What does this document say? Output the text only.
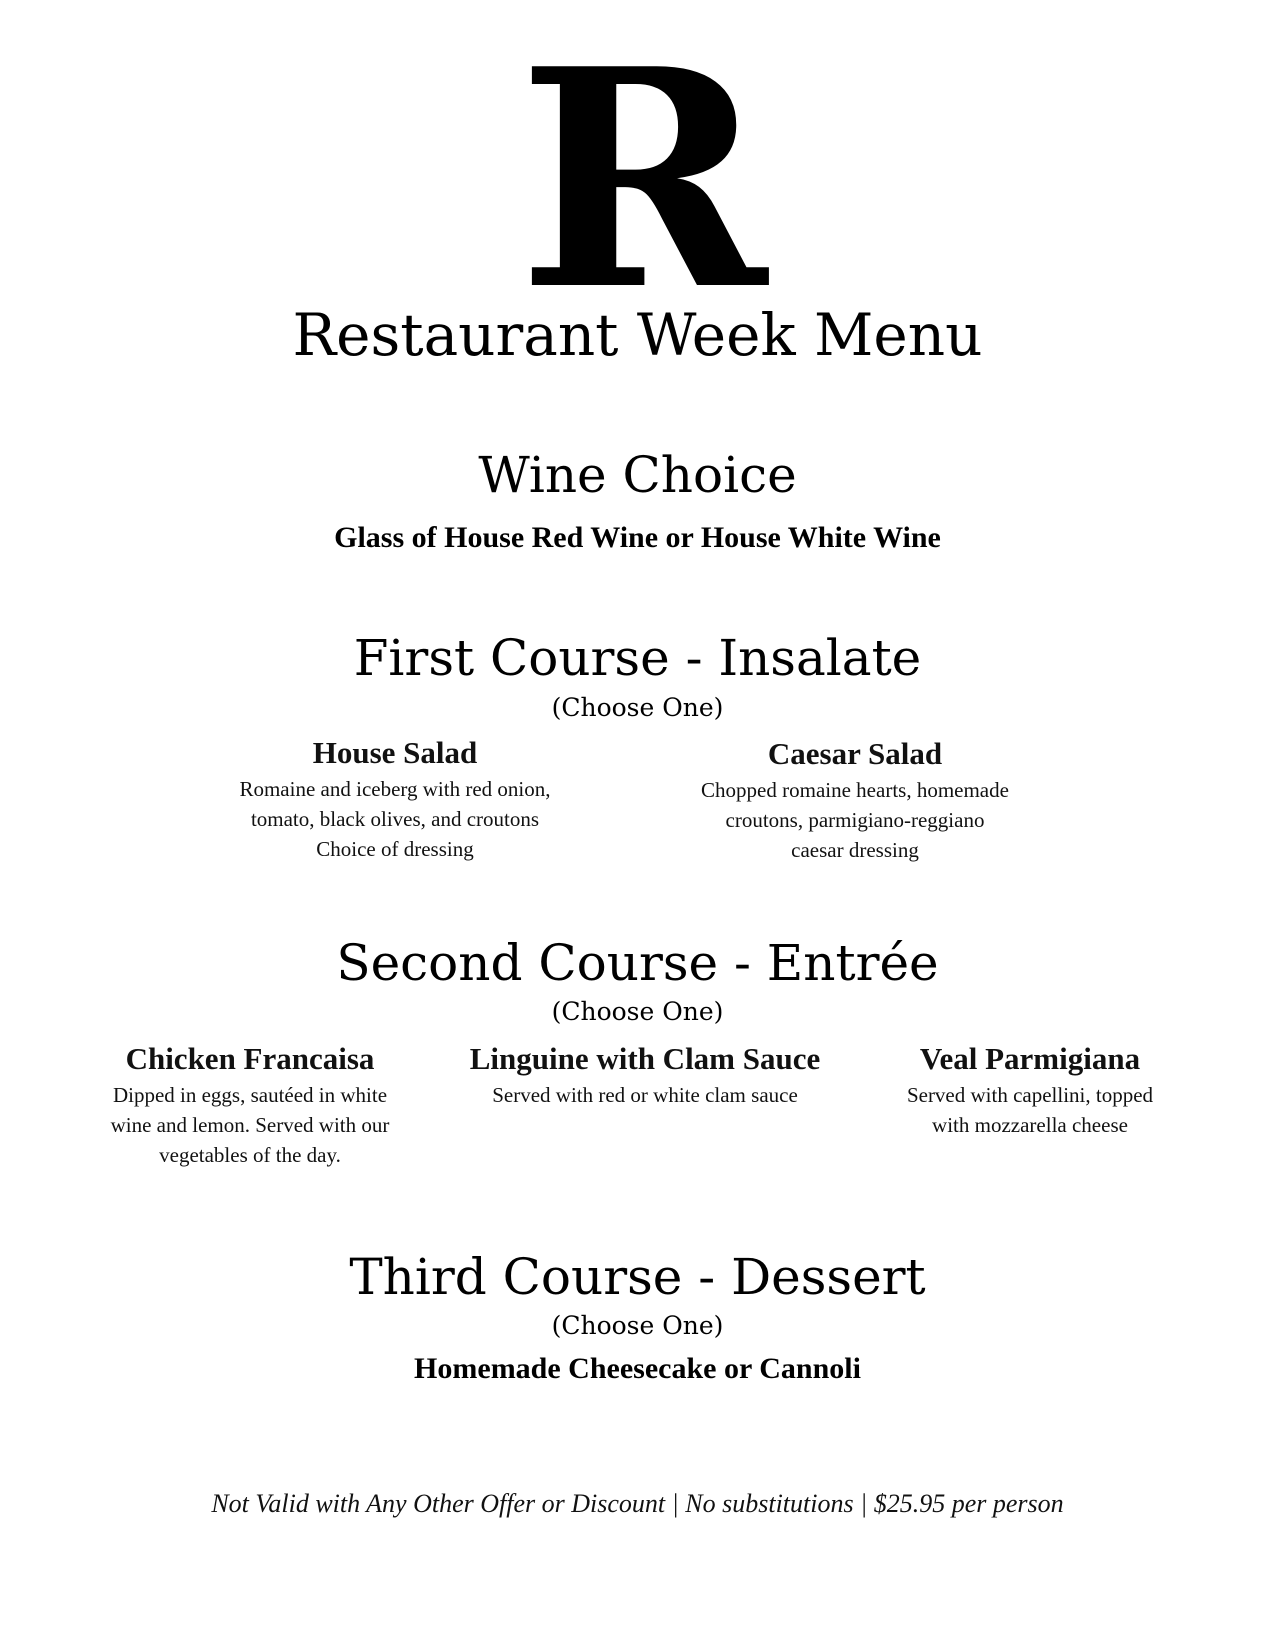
R
Restaurant Week Menu
Wine Choice
Glass of House Red Wine or House White Wine
First Course - Insalate
(Choose One)
House Salad
Romaine and iceberg with red onion,
tomato, black olives, and croutons
Choice of dressing
Caesar Salad
Chopped romaine hearts, homemade
croutons, parmigiano-reggiano
caesar dressing
Second Course - Entrée
(Choose One)
Chicken Francaisa
Dipped in eggs, sautéed in white
wine and lemon. Served with our
vegetables of the day.
Linguine with Clam Sauce
Served with red or white clam sauce
Veal Parmigiana
Served with capellini, topped
with mozzarella cheese
Third Course - Dessert
(Choose One)
Homemade Cheesecake or Cannoli
Not Valid with Any Other Offer or Discount | No substitutions | $25.95 per person
